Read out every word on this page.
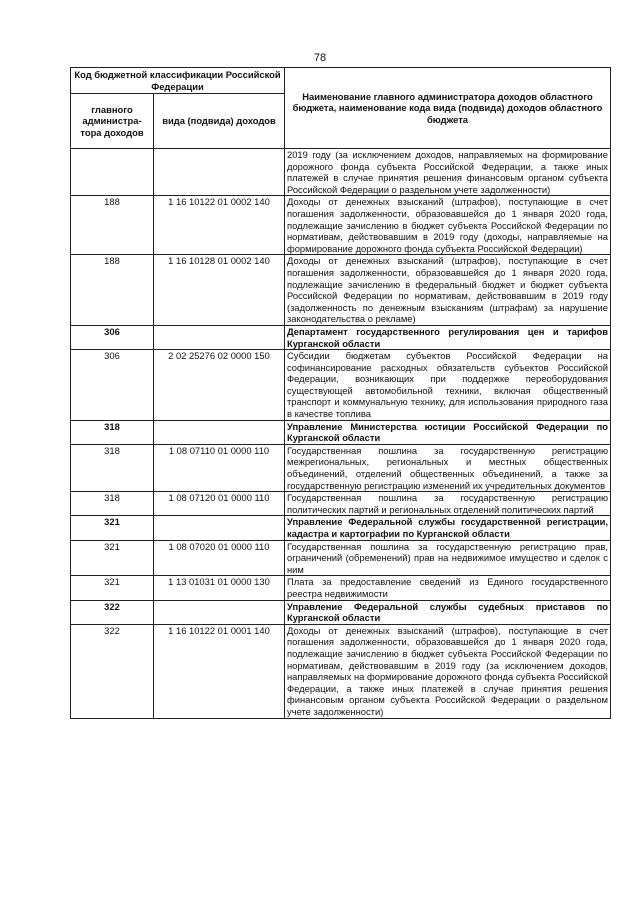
78
Код бюджетной классификации Российской Федерации		Наименование главного администратора доходов областного бюджета, наименование кода вида (подвида) доходов областного бюджета
главного администра-тора доходов	вида (подвида) доходов	
		2019 году (за исключением доходов, направляемых на формирование дорожного фонда субъекта Российской Федерации, а также иных платежей в случае принятия решения финансовым органом субъекта Российской Федерации о раздельном учете задолженности)
188	1 16 10122 01 0002 140	Доходы от денежных взысканий (штрафов), поступающие в счет погашения задолженности, образовавшейся до 1 января 2020 года, подлежащие зачислению в бюджет субъекта Российской Федерации по нормативам, действовавшим в 2019 году (доходы, направляемые на формирование дорожного фонда субъекта Российской Федерации)
188	1 16 10128 01 0002 140	Доходы от денежных взысканий (штрафов), поступающие в счет погашения задолженности, образовавшейся до 1 января 2020 года, подлежащие зачислению в федеральный бюджет и бюджет субъекта Российской Федерации по нормативам, действовавшим в 2019 году (задолженность по денежным взысканиям (штрафам) за нарушение законодательства о рекламе)
306		Департамент государственного регулирования цен и тарифов Курганской области
306	2 02 25276 02 0000 150	Субсидии бюджетам субъектов Российской Федерации на софинансирование расходных обязательств субъектов Российской Федерации, возникающих при поддержке переоборудования существующей автомобильной техники, включая общественный транспорт и коммунальную технику, для использования природного газа в качестве топлива
318		Управление Министерства юстиции Российской Федерации по Курганской области
318	1 08 07110 01 0000 110	Государственная пошлина за государственную регистрацию межрегиональных, региональных и местных общественных объединений, отделений общественных объединений, а также за государственную регистрацию изменений их учредительных документов
318	1 08 07120 01 0000 110	Государственная пошлина за государственную регистрацию политических партий и региональных отделений политических партий
321		Управление Федеральной службы государственной регистрации, кадастра и картографии по Курганской области
321	1 08 07020 01 0000 110	Государственная пошлина за государственную регистрацию прав, ограничений (обременений) прав на недвижимое имущество и сделок с ним
321	1 13 01031 01 0000 130	Плата за предоставление сведений из Единого государственного реестра недвижимости
322		Управление Федеральной службы судебных приставов по Курганской области
322	1 16 10122 01 0001 140	Доходы от денежных взысканий (штрафов), поступающие в счет погашения задолженности, образовавшейся до 1 января 2020 года, подлежащие зачислению в бюджет субъекта Российской Федерации по нормативам, действовавшим в 2019 году (за исключением доходов, направляемых на формирование дорожного фонда субъекта Российской Федерации, а также иных платежей в случае принятия решения финансовым органом субъекта Российской Федерации о раздельном учете задолженности)
